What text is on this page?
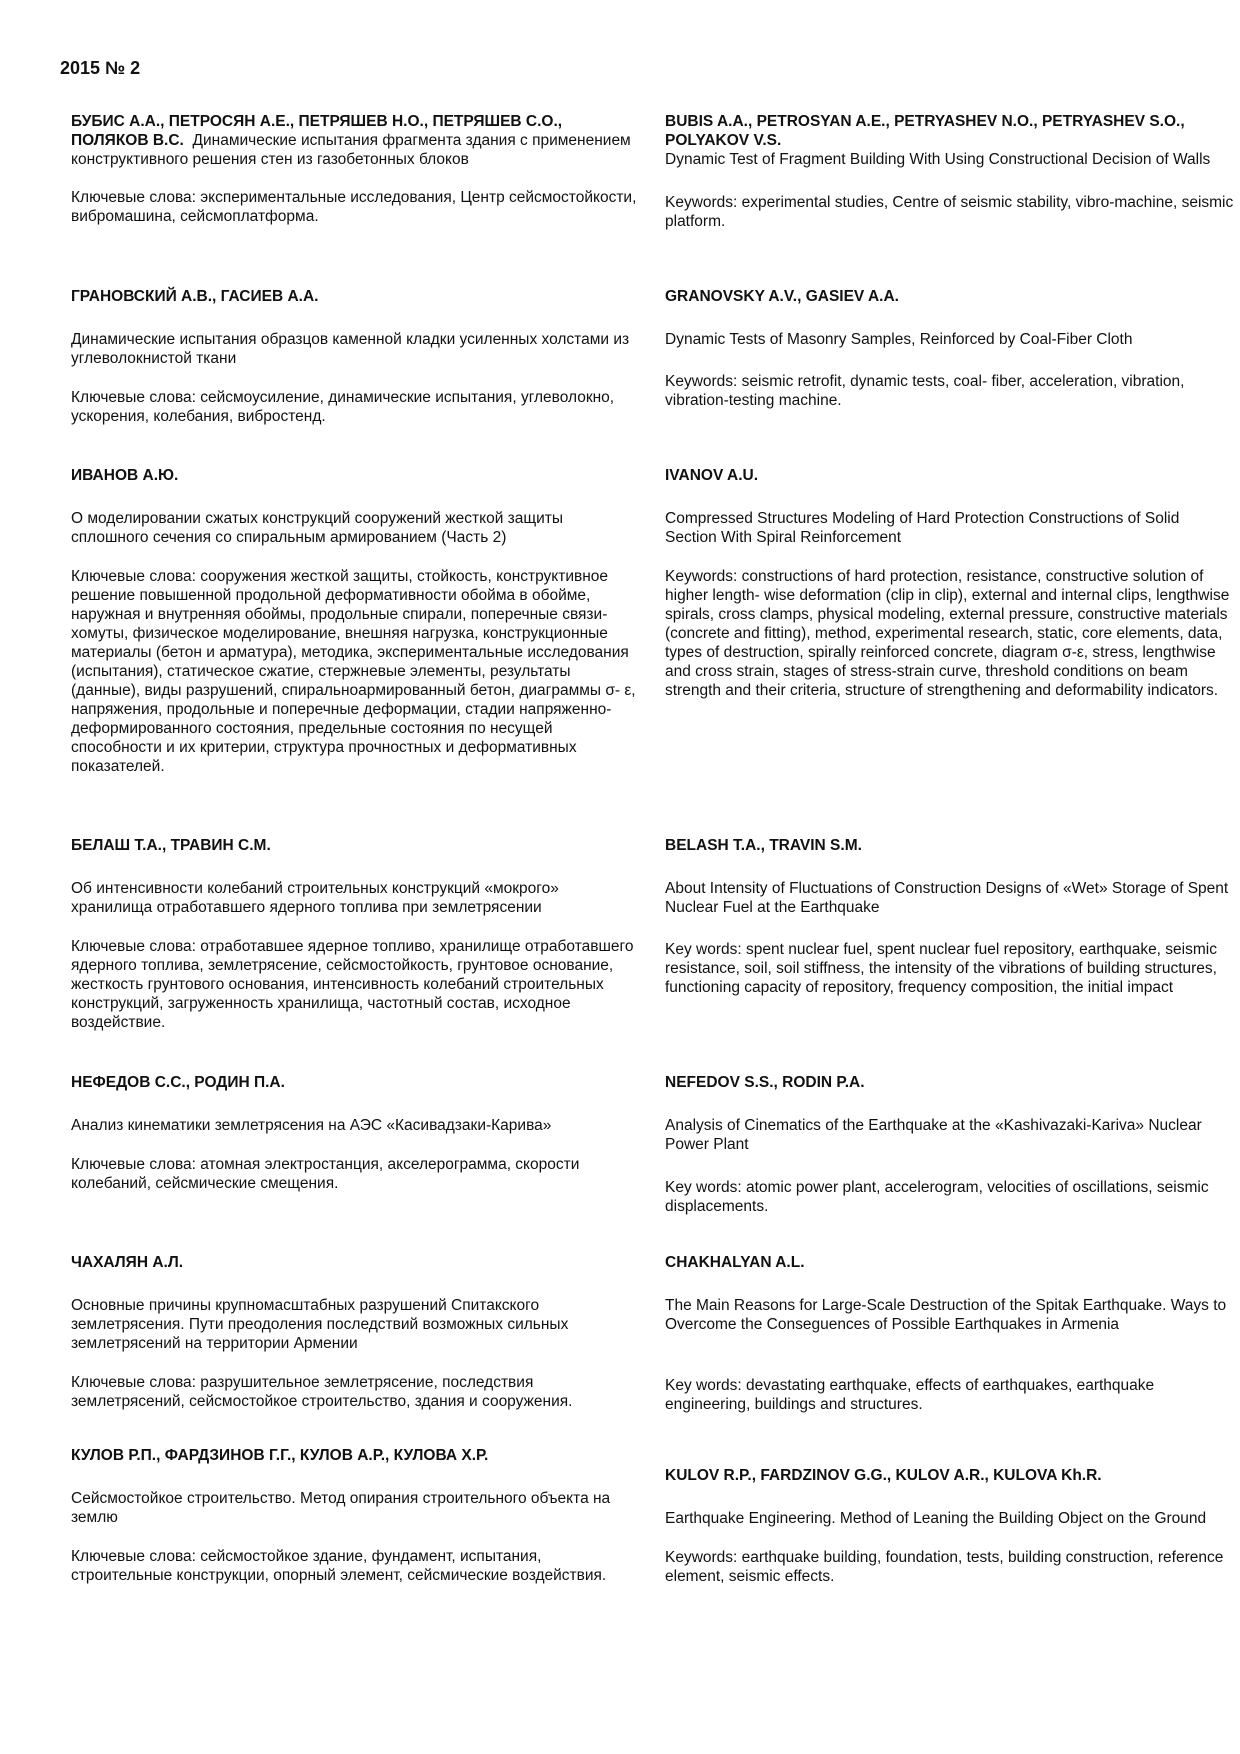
2015 № 2

БУБИС А.А., ПЕТРОСЯН А.Е., ПЕТРЯШЕВ Н.О., ПЕТРЯШЕВ С.О., ПОЛЯКОВ В.С. Динамические испытания фрагмента здания с применением конструктивного решения стен из газобетонных блоков

Ключевые слова: экспериментальные исследования, Центр сейсмостойкости, вибромашина, сейсмоплатформа.

ГРАНОВСКИЙ А.В., ГАСИЕВ А.А.

Динамические испытания образцов каменной кладки усиленных холстами из углеволокнистой ткани

Ключевые слова: сейсмоусиление, динамические испытания, углеволокно, ускорения, колебания, вибростенд.

ИВАНОВ А.Ю.

О моделировании сжатых конструкций сооружений жесткой защиты сплошного сечения со спиральным армированием (Часть 2)

Ключевые слова: сооружения жесткой защиты, стойкость, конструктивное решение повышенной продольной деформативности обойма в обойме, наружная и внутренняя обоймы, продольные спирали, поперечные связи- хомуты, физическое моделирование, внешняя нагрузка, конструкционные материалы (бетон и арматура), методика, экспериментальные исследования (испытания), статическое сжатие, стержневые элементы, результаты (данные), виды разрушений, спиральноармированный бетон, диаграммы σ- ε, напряжения, продольные и поперечные деформации, стадии напряженно-деформированного состояния, предельные состояния по несущей способности и их критерии, структура прочностных и деформативных показателей.

БЕЛАШ Т.А., ТРАВИН С.М.

Об интенсивности колебаний строительных конструкций «мокрого» хранилища отработавшего ядерного топлива при землетрясении

Ключевые слова: отработавшее ядерное топливо, хранилище отработавшего ядерного топлива, землетрясение, сейсмостойкость, грунтовое основание, жесткость грунтового основания, интенсивность колебаний строительных конструкций, загруженность хранилища, частотный состав, исходное воздействие.

НЕФЕДОВ С.С., РОДИН П.А.

Анализ кинематики землетрясения на АЭС «Касивадзаки-Карива»

Ключевые слова: атомная электростанция, акселерограмма, скорости колебаний, сейсмические смещения.

ЧАХАЛЯН А.Л.

Основные причины крупномасштабных разрушений Спитакского землетрясения. Пути преодоления последствий возможных сильных землетрясений на территории Армении

Ключевые слова: разрушительное землетрясение, последствия землетрясений, сейсмостойкое строительство, здания и сооружения.

КУЛОВ Р.П., ФАРДЗИНОВ Г.Г., КУЛОВ А.Р., КУЛОВА Х.Р.

Сейсмостойкое строительство. Метод опирания строительного объекта на землю

Ключевые слова: сейсмостойкое здание, фундамент, испытания, строительные конструкции, опорный элемент, сейсмические воздействия.

BUBIS A.A., PETROSYAN A.E., PETRYASHEV N.O., PETRYASHEV S.O., POLYAKOV V.S.

Dynamic Test of Fragment Building With Using Constructional Decision of Walls

Keywords: experimental studies, Centre of seismic stability, vibro-machine, seismic platform.

GRANOVSKY A.V., GASIEV A.A.

Dynamic Tests of Masonry Samples, Reinforced by Coal-Fiber Cloth

Keywords: seismic retrofit, dynamic tests, coal- fiber, acceleration, vibration, vibration-testing machine.

IVANOV A.U.

Compressed Structures Modeling of Hard Protection Constructions of Solid Section With Spiral Reinforcement

Keywords: constructions of hard protection, resistance, constructive solution of higher length- wise deformation (clip in clip), external and internal clips, lengthwise spirals, cross clamps, physical modeling, external pressure, constructive materials (concrete and fitting), method, experimental research, static, core elements, data, types of destruction, spirally reinforced concrete, diagram σ-ε, stress, lengthwise and cross strain, stages of stress-strain curve, threshold conditions on beam strength and their criteria, structure of strengthening and deformability indicators.

BELASH T.A., TRAVIN S.M.

About Intensity of Fluctuations of Construction Designs of «Wet» Storage of Spent Nuclear Fuel at the Earthquake

Key words: spent nuclear fuel, spent nuclear fuel repository, earthquake, seismic resistance, soil, soil stiffness, the intensity of the vibrations of building structures, functioning capacity of repository, frequency composition, the initial impact

NEFEDOV S.S., RODIN P.A.

Analysis of Cinematics of the Earthquake at the «Kashivazaki-Kariva» Nuclear Power Plant

Key words: atomic power plant, accelerogram, velocities of oscillations, seismic displacements.

CHAKHALYAN A.L.

The Main Reasons for Large-Scale Destruction of the Spitak Earthquake. Ways to Overcome the Conseguences of Possible Earthquakes in Armenia

Key words: devastating earthquake, effects of earthquakes, earthquake engineering, buildings and structures.

KULOV R.P., FARDZINOV G.G., KULOV A.R., KULOVA Kh.R.

Earthquake Engineering. Method of Leaning the Building Object on the Ground

Keywords: earthquake building, foundation, tests, building construction, reference element, seismic effects.
